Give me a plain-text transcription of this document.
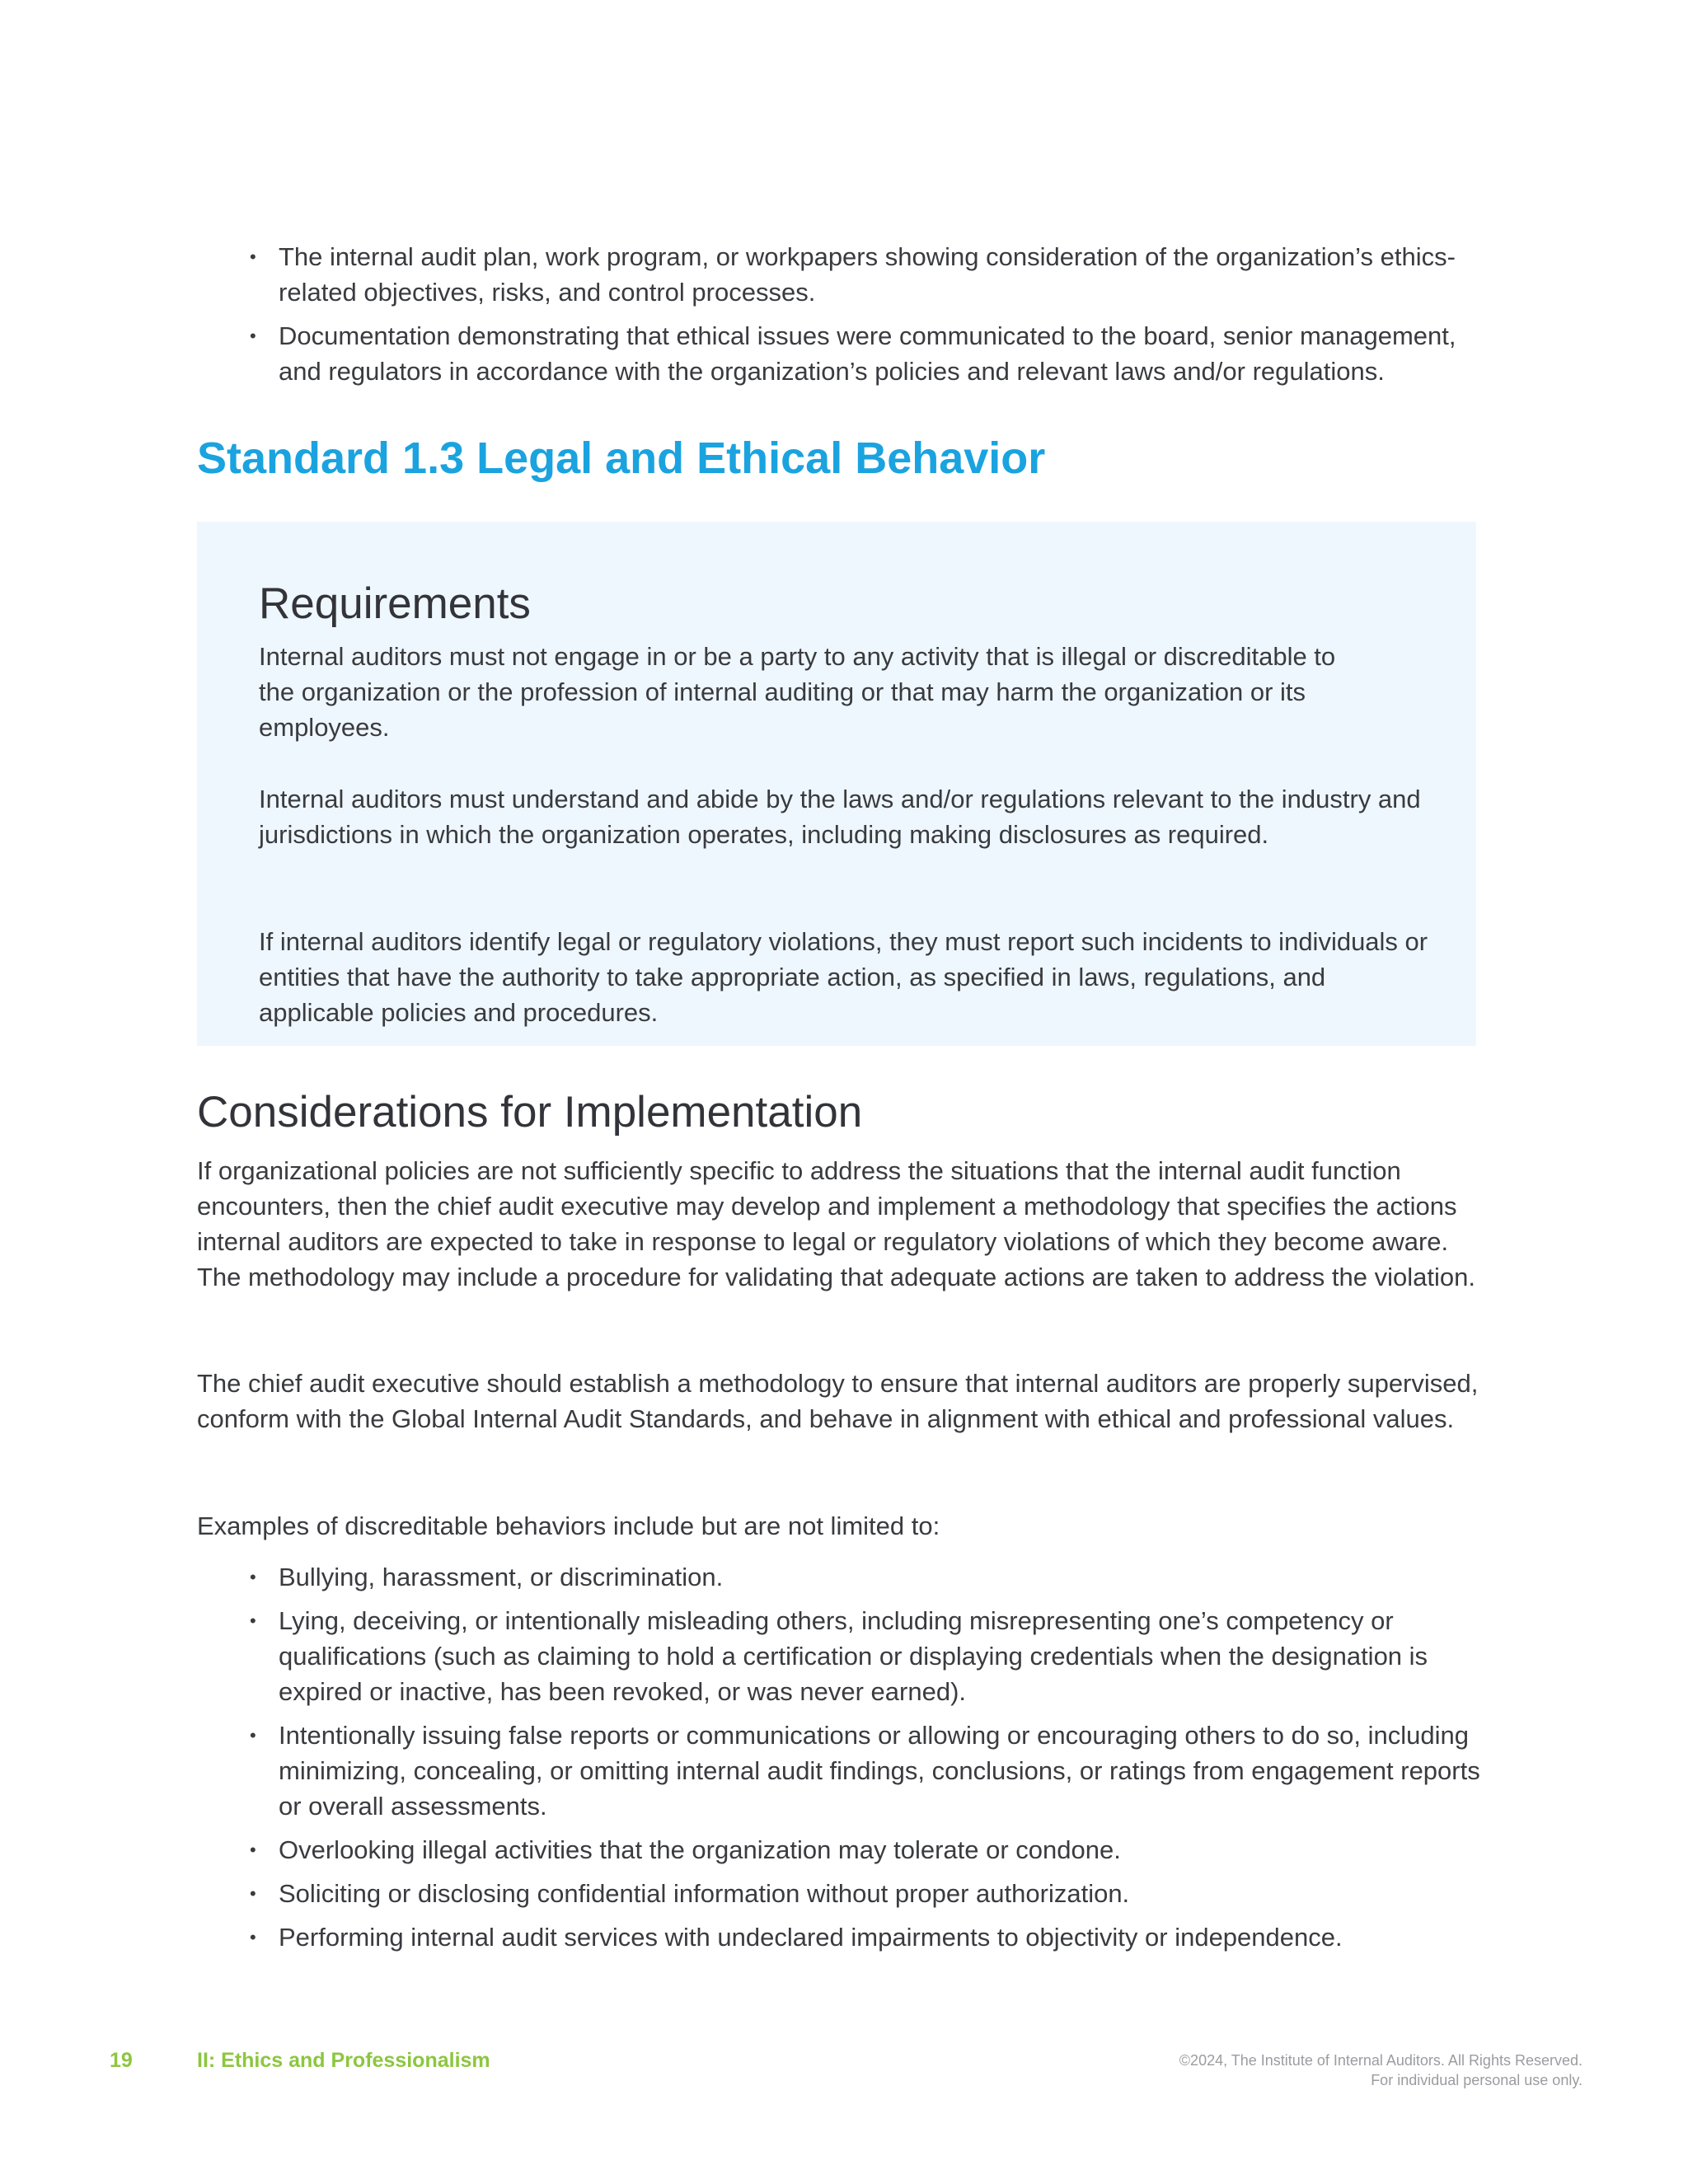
• The internal audit plan, work program, or workpapers showing consideration of the organization’s ethics-related objectives, risks, and control processes.
• Documentation demonstrating that ethical issues were communicated to the board, senior management, and regulators in accordance with the organization’s policies and relevant laws and/or regulations.
Standard 1.3 Legal and Ethical Behavior
Requirements

Internal auditors must not engage in or be a party to any activity that is illegal or discreditable to the organization or the profession of internal auditing or that may harm the organization or its employees.

Internal auditors must understand and abide by the laws and/or regulations relevant to the industry and jurisdictions in which the organization operates, including making disclosures as required.

If internal auditors identify legal or regulatory violations, they must report such incidents to individuals or entities that have the authority to take appropriate action, as specified in laws, regulations, and applicable policies and procedures.

Considerations for Implementation

If organizational policies are not sufficiently specific to address the situations that the internal audit function encounters, then the chief audit executive may develop and implement a methodology that specifies the actions internal auditors are expected to take in response to legal or regulatory violations of which they become aware. The methodology may include a procedure for validating that adequate actions are taken to address the violation.

The chief audit executive should establish a methodology to ensure that internal auditors are properly supervised, conform with the Global Internal Audit Standards, and behave in alignment with ethical and professional values.

Examples of discreditable behaviors include but are not limited to:

• Bullying, harassment, or discrimination.
• Lying, deceiving, or intentionally misleading others, including misrepresenting one’s competency or qualifications (such as claiming to hold a certification or displaying credentials when the designation is expired or inactive, has been revoked, or was never earned).
• Intentionally issuing false reports or communications or allowing or encouraging others to do so, including minimizing, concealing, or omitting internal audit findings, conclusions, or ratings from engagement reports or overall assessments.
• Overlooking illegal activities that the organization may tolerate or condone.
• Soliciting or disclosing confidential information without proper authorization.
• Performing internal audit services with undeclared impairments to objectivity or independence.
19	II: Ethics and Professionalism	©2024, The Institute of Internal Auditors. All Rights Reserved.
For individual personal use only.
